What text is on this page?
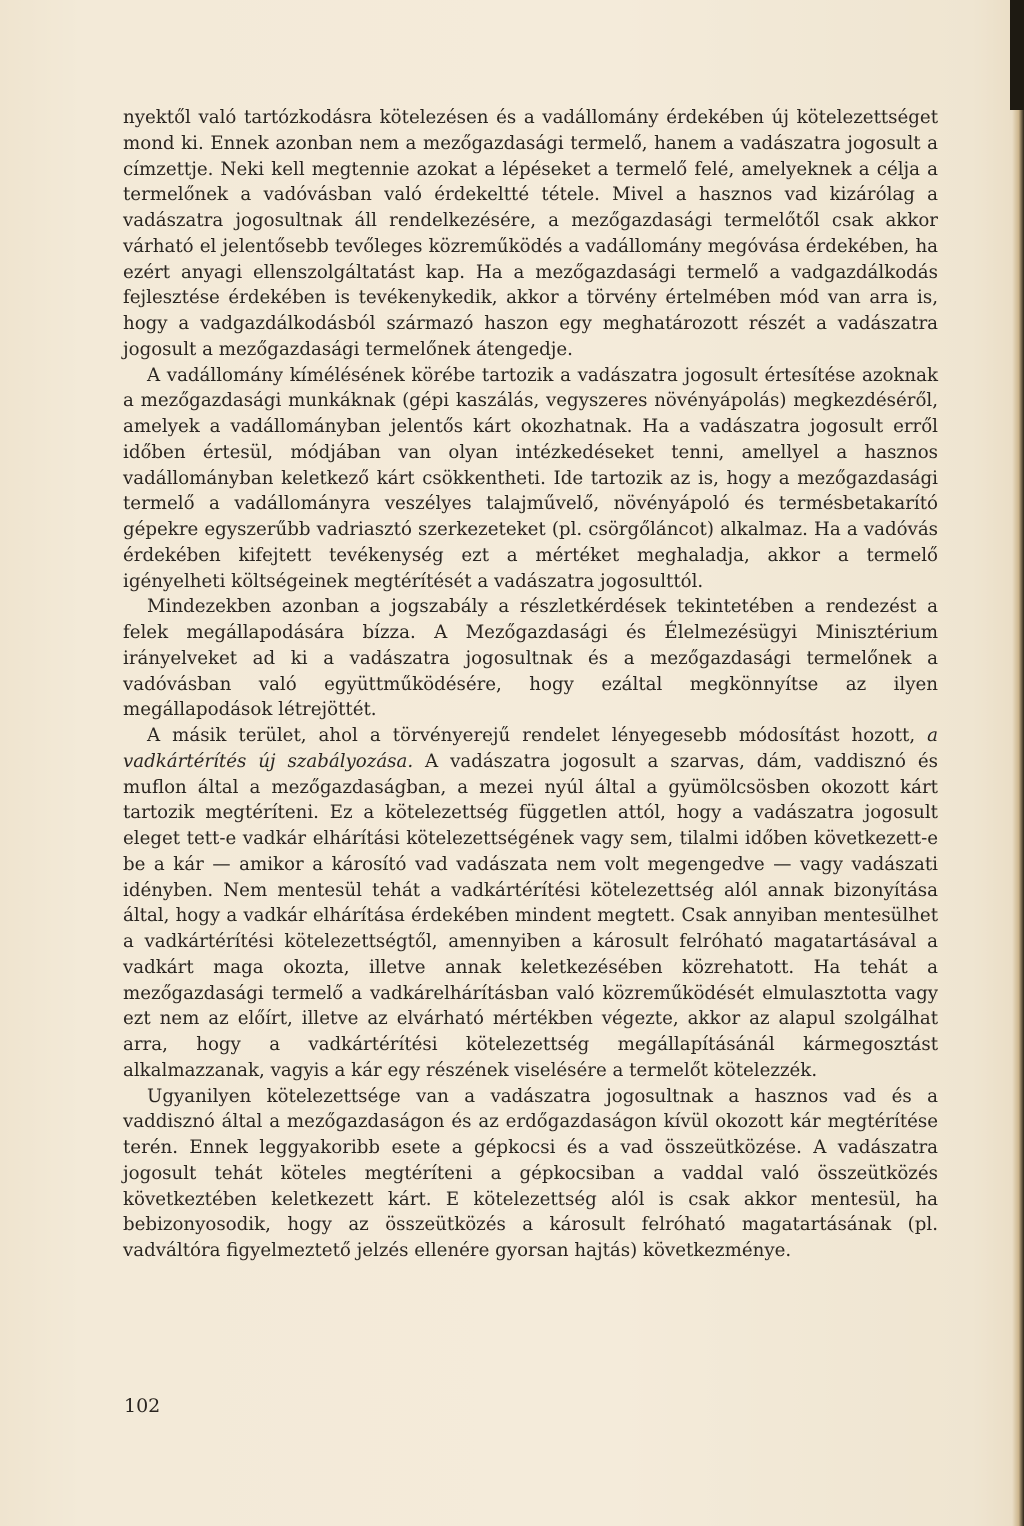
nyektől való tartózkodásra kötelezésen és a vadállomány érdekében új kötelezettséget mond ki. Ennek azonban nem a mezőgazdasági termelő, hanem a vadászatra jogosult a címzettje. Neki kell megtennie azokat a lépéseket a termelő felé, amelyeknek a célja a termelőnek a vadóvásban való érdekeltté tétele. Mivel a hasznos vad kizárólag a vadászatra jogosultnak áll rendelkezésére, a mezőgazdasági termelőtől csak akkor várható el jelentősebb tevőleges közreműködés a vadállomány megóvása érdekében, ha ezért anyagi ellenszolgáltatást kap. Ha a mezőgazdasági termelő a vadgazdálkodás fejlesztése érdekében is tevékenykedik, akkor a törvény értelmében mód van arra is, hogy a vadgazdálkodásból származó haszon egy meghatározott részét a vadászatra jogosult a mezőgazdasági termelőnek átengedje.

A vadállomány kímélésének körébe tartozik a vadászatra jogosult értesítése azoknak a mezőgazdasági munkáknak (gépi kaszálás, vegyszeres növényápolás) megkezdéséről, amelyek a vadállományban jelentős kárt okozhatnak. Ha a vadászatra jogosult erről időben értesül, módjában van olyan intézkedéseket tenni, amellyel a hasznos vadállományban keletkező kárt csökkentheti. Ide tartozik az is, hogy a mezőgazdasági termelő a vadállományra veszélyes talajművelő, növényápoló és termésbetakarító gépekre egyszerűbb vadriasztó szerkezeteket (pl. csörgőláncot) alkalmaz. Ha a vadóvás érdekében kifejtett tevékenység ezt a mértéket meghaladja, akkor a termelő igényelheti költségeinek megtérítését a vadászatra jogosulttól.

Mindezekben azonban a jogszabály a részletkérdések tekintetében a rendezést a felek megállapodására bízza. A Mezőgazdasági és Élelmezésügyi Minisztérium irányelveket ad ki a vadászatra jogosultnak és a mezőgazdasági termelőnek a vadóvásban való együttműködésére, hogy ezáltal megkönnyítse az ilyen megállapodások létrejöttét.

A másik terület, ahol a törvényerejű rendelet lényegesebb módosítást hozott, a vadkártérítés új szabályozása. A vadászatra jogosult a szarvas, dám, vaddisznó és muflon által a mezőgazdaságban, a mezei nyúl által a gyümölcsösben okozott kárt tartozik megtéríteni. Ez a kötelezettség független attól, hogy a vadászatra jogosult eleget tett-e vadkár elhárítási kötelezettségének vagy sem, tilalmi időben következett-e be a kár — amikor a károsító vad vadászata nem volt megengedve — vagy vadászati idényben. Nem mentesül tehát a vadkártérítési kötelezettség alól annak bizonyítása által, hogy a vadkár elhárítása érdekében mindent megtett. Csak annyiban mentesülhet a vadkártérítési kötelezettségtől, amennyiben a károsult felróható magatartásával a vadkárt maga okozta, illetve annak keletkezésében közrehatott. Ha tehát a mezőgazdasági termelő a vadkárelhárításban való közreműködését elmulasztotta vagy ezt nem az előírt, illetve az elvárható mértékben végezte, akkor az alapul szolgálhat arra, hogy a vadkártérítési kötelezettség megállapításánál kármegosztást alkalmazzanak, vagyis a kár egy részének viselésére a termelőt kötelezzék.

Ugyanilyen kötelezettsége van a vadászatra jogosultnak a hasznos vad és a vaddisznó által a mezőgazdaságon és az erdőgazdaságon kívül okozott kár megtérítése terén. Ennek leggyakoribb esete a gépkocsi és a vad összeütközése. A vadászatra jogosult tehát köteles megtéríteni a gépkocsiban a vaddal való összeütközés következtében keletkezett kárt. E kötelezettség alól is csak akkor mentesül, ha bebizonyosodik, hogy az összeütközés a károsult felróható magatartásának (pl. vadváltóra figyelmeztető jelzés ellenére gyorsan hajtás) következménye.

102
